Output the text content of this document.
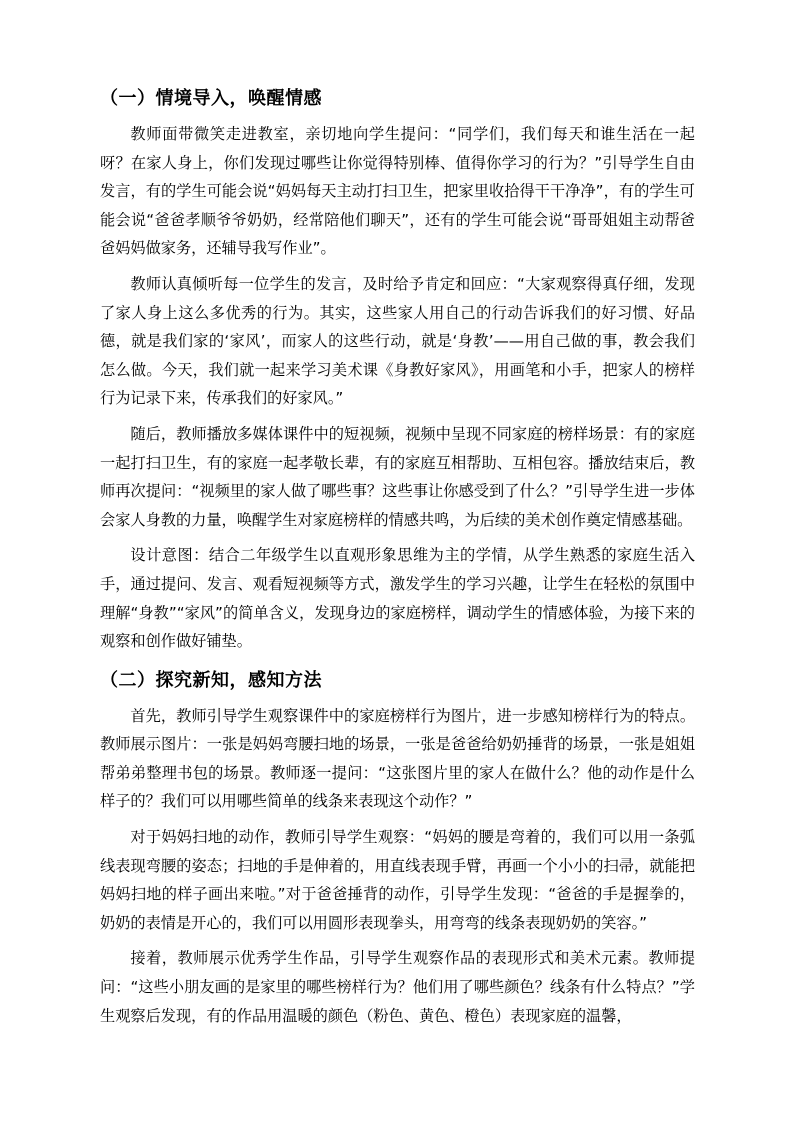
（一）情境导入，唤醒情感

教师面带微笑走进教室，亲切地向学生提问：“同学们，我们每天和谁生活在一起呀？在家人身上，你们发现过哪些让你觉得特别棒、值得你学习的行为？”引导学生自由发言，有的学生可能会说“妈妈每天主动打扫卫生，把家里收拾得干干净净”，有的学生可能会说“爸爸孝顺爷爷奶奶，经常陪他们聊天”，还有的学生可能会说“哥哥姐姐主动帮爸爸妈妈做家务，还辅导我写作业”。

教师认真倾听每一位学生的发言，及时给予肯定和回应：“大家观察得真仔细，发现了家人身上这么多优秀的行为。其实，这些家人用自己的行动告诉我们的好习惯、好品德，就是我们家的‘家风’，而家人的这些行动，就是‘身教’——用自己做的事，教会我们怎么做。今天，我们就一起来学习美术课《身教好家风》，用画笔和小手，把家人的榜样行为记录下来，传承我们的好家风。”

随后，教师播放多媒体课件中的短视频，视频中呈现不同家庭的榜样场景：有的家庭一起打扫卫生，有的家庭一起孝敬长辈，有的家庭互相帮助、互相包容。播放结束后，教师再次提问：“视频里的家人做了哪些事？这些事让你感受到了什么？”引导学生进一步体会家人身教的力量，唤醒学生对家庭榜样的情感共鸣，为后续的美术创作奠定情感基础。

设计意图：结合二年级学生以直观形象思维为主的学情，从学生熟悉的家庭生活入手，通过提问、发言、观看短视频等方式，激发学生的学习兴趣，让学生在轻松的氛围中理解“身教”“家风”的简单含义，发现身边的家庭榜样，调动学生的情感体验，为接下来的观察和创作做好铺垫。

（二）探究新知，感知方法

首先，教师引导学生观察课件中的家庭榜样行为图片，进一步感知榜样行为的特点。教师展示图片：一张是妈妈弯腰扫地的场景，一张是爸爸给奶奶捶背的场景，一张是姐姐帮弟弟整理书包的场景。教师逐一提问：“这张图片里的家人在做什么？他的动作是什么样子的？我们可以用哪些简单的线条来表现这个动作？”

对于妈妈扫地的动作，教师引导学生观察：“妈妈的腰是弯着的，我们可以用一条弧线表现弯腰的姿态；扫地的手是伸着的，用直线表现手臂，再画一个小小的扫帚，就能把妈妈扫地的样子画出来啦。”对于爸爸捶背的动作，引导学生发现：“爸爸的手是握拳的，奶奶的表情是开心的，我们可以用圆形表现拳头，用弯弯的线条表现奶奶的笑容。”

接着，教师展示优秀学生作品，引导学生观察作品的表现形式和美术元素。教师提问：“这些小朋友画的是家里的哪些榜样行为？他们用了哪些颜色？线条有什么特点？”学生观察后发现，有的作品用温暖的颜色（粉色、黄色、橙色）表现家庭的温馨，
